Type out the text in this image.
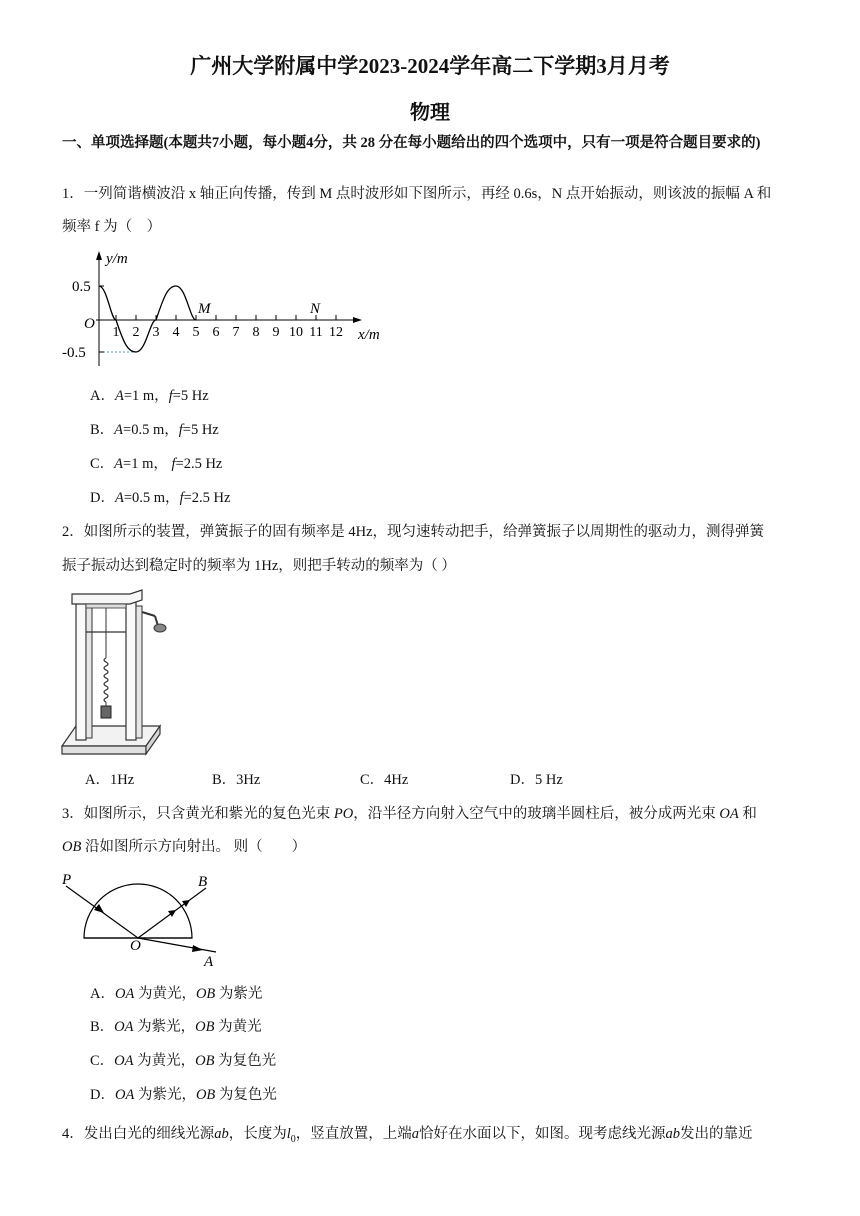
广州大学附属中学2023-2024学年高二下学期3月月考
物理
一、单项选择题(本题共7小题，每小题4分，共 28 分在每小题给出的四个选项中，只有一项是符合题目要求的)
1．一列简谐横波沿 x 轴正向传播，传到 M 点时波形如下图所示，再经 0.6s，N 点开始振动，则该波的振幅 A 和
频率 f 为（　）
y/m
x/m
O
0.5
-0.5
1 2 3 4 5 6 7 8 9 10 11 12
M	N
A．A=1 m，f=5 Hz
B．A=0.5 m，f=5 Hz
C．A=1 m， f=2.5 Hz
D．A=0.5 m，f=2.5 Hz
2．如图所示的装置，弹簧振子的固有频率是 4Hz，现匀速转动把手，给弹簧振子以周期性的驱动力，测得弹簧
振子振动达到稳定时的频率为 1Hz，则把手转动的频率为（ ）
A．1Hz	B．3Hz	C．4Hz	D．5 Hz
3．如图所示，只含黄光和紫光的复色光束 PO，沿半径方向射入空气中的玻璃半圆柱后，被分成两光束 OA 和
OB 沿如图所示方向射出。 则（　　）
P	B
O
A
A．OA 为黄光，OB 为紫光
B．OA 为紫光，OB 为黄光
C．OA 为黄光，OB 为复色光
D．OA 为紫光，OB 为复色光
4．发出白光的细线光源ab，长度为$l_0$，竖直放置，上端a恰好在水面以下，如图。现考虑线光源ab发出的靠近
